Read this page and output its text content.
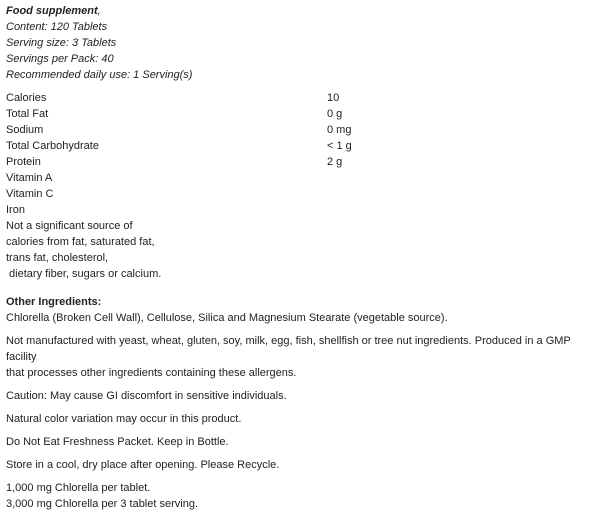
Food supplement,
Content: 120 Tablets
Serving size: 3 Tablets
Servings per Pack: 40
Recommended daily use: 1 Serving(s)
Calories	10
Total Fat	0 g
Sodium	0 mg
Total Carbohydrate	< 1 g
Protein	2 g
Vitamin A
Vitamin C
Iron
Not a significant source of
calories from fat, saturated fat,
trans fat, cholesterol,
dietary fiber, sugars or calcium.
Other Ingredients:
Chlorella (Broken Cell Wall), Cellulose, Silica and Magnesium Stearate (vegetable source).
Not manufactured with yeast, wheat, gluten, soy, milk, egg, fish, shellfish or tree nut ingredients. Produced in a GMP facility
that processes other ingredients containing these allergens.
Caution: May cause GI discomfort in sensitive individuals.
Natural color variation may occur in this product.
Do Not Eat Freshness Packet. Keep in Bottle.
Store in a cool, dry place after opening. Please Recycle.
1,000 mg Chlorella per tablet.
3,000 mg Chlorella per 3 tablet serving.
